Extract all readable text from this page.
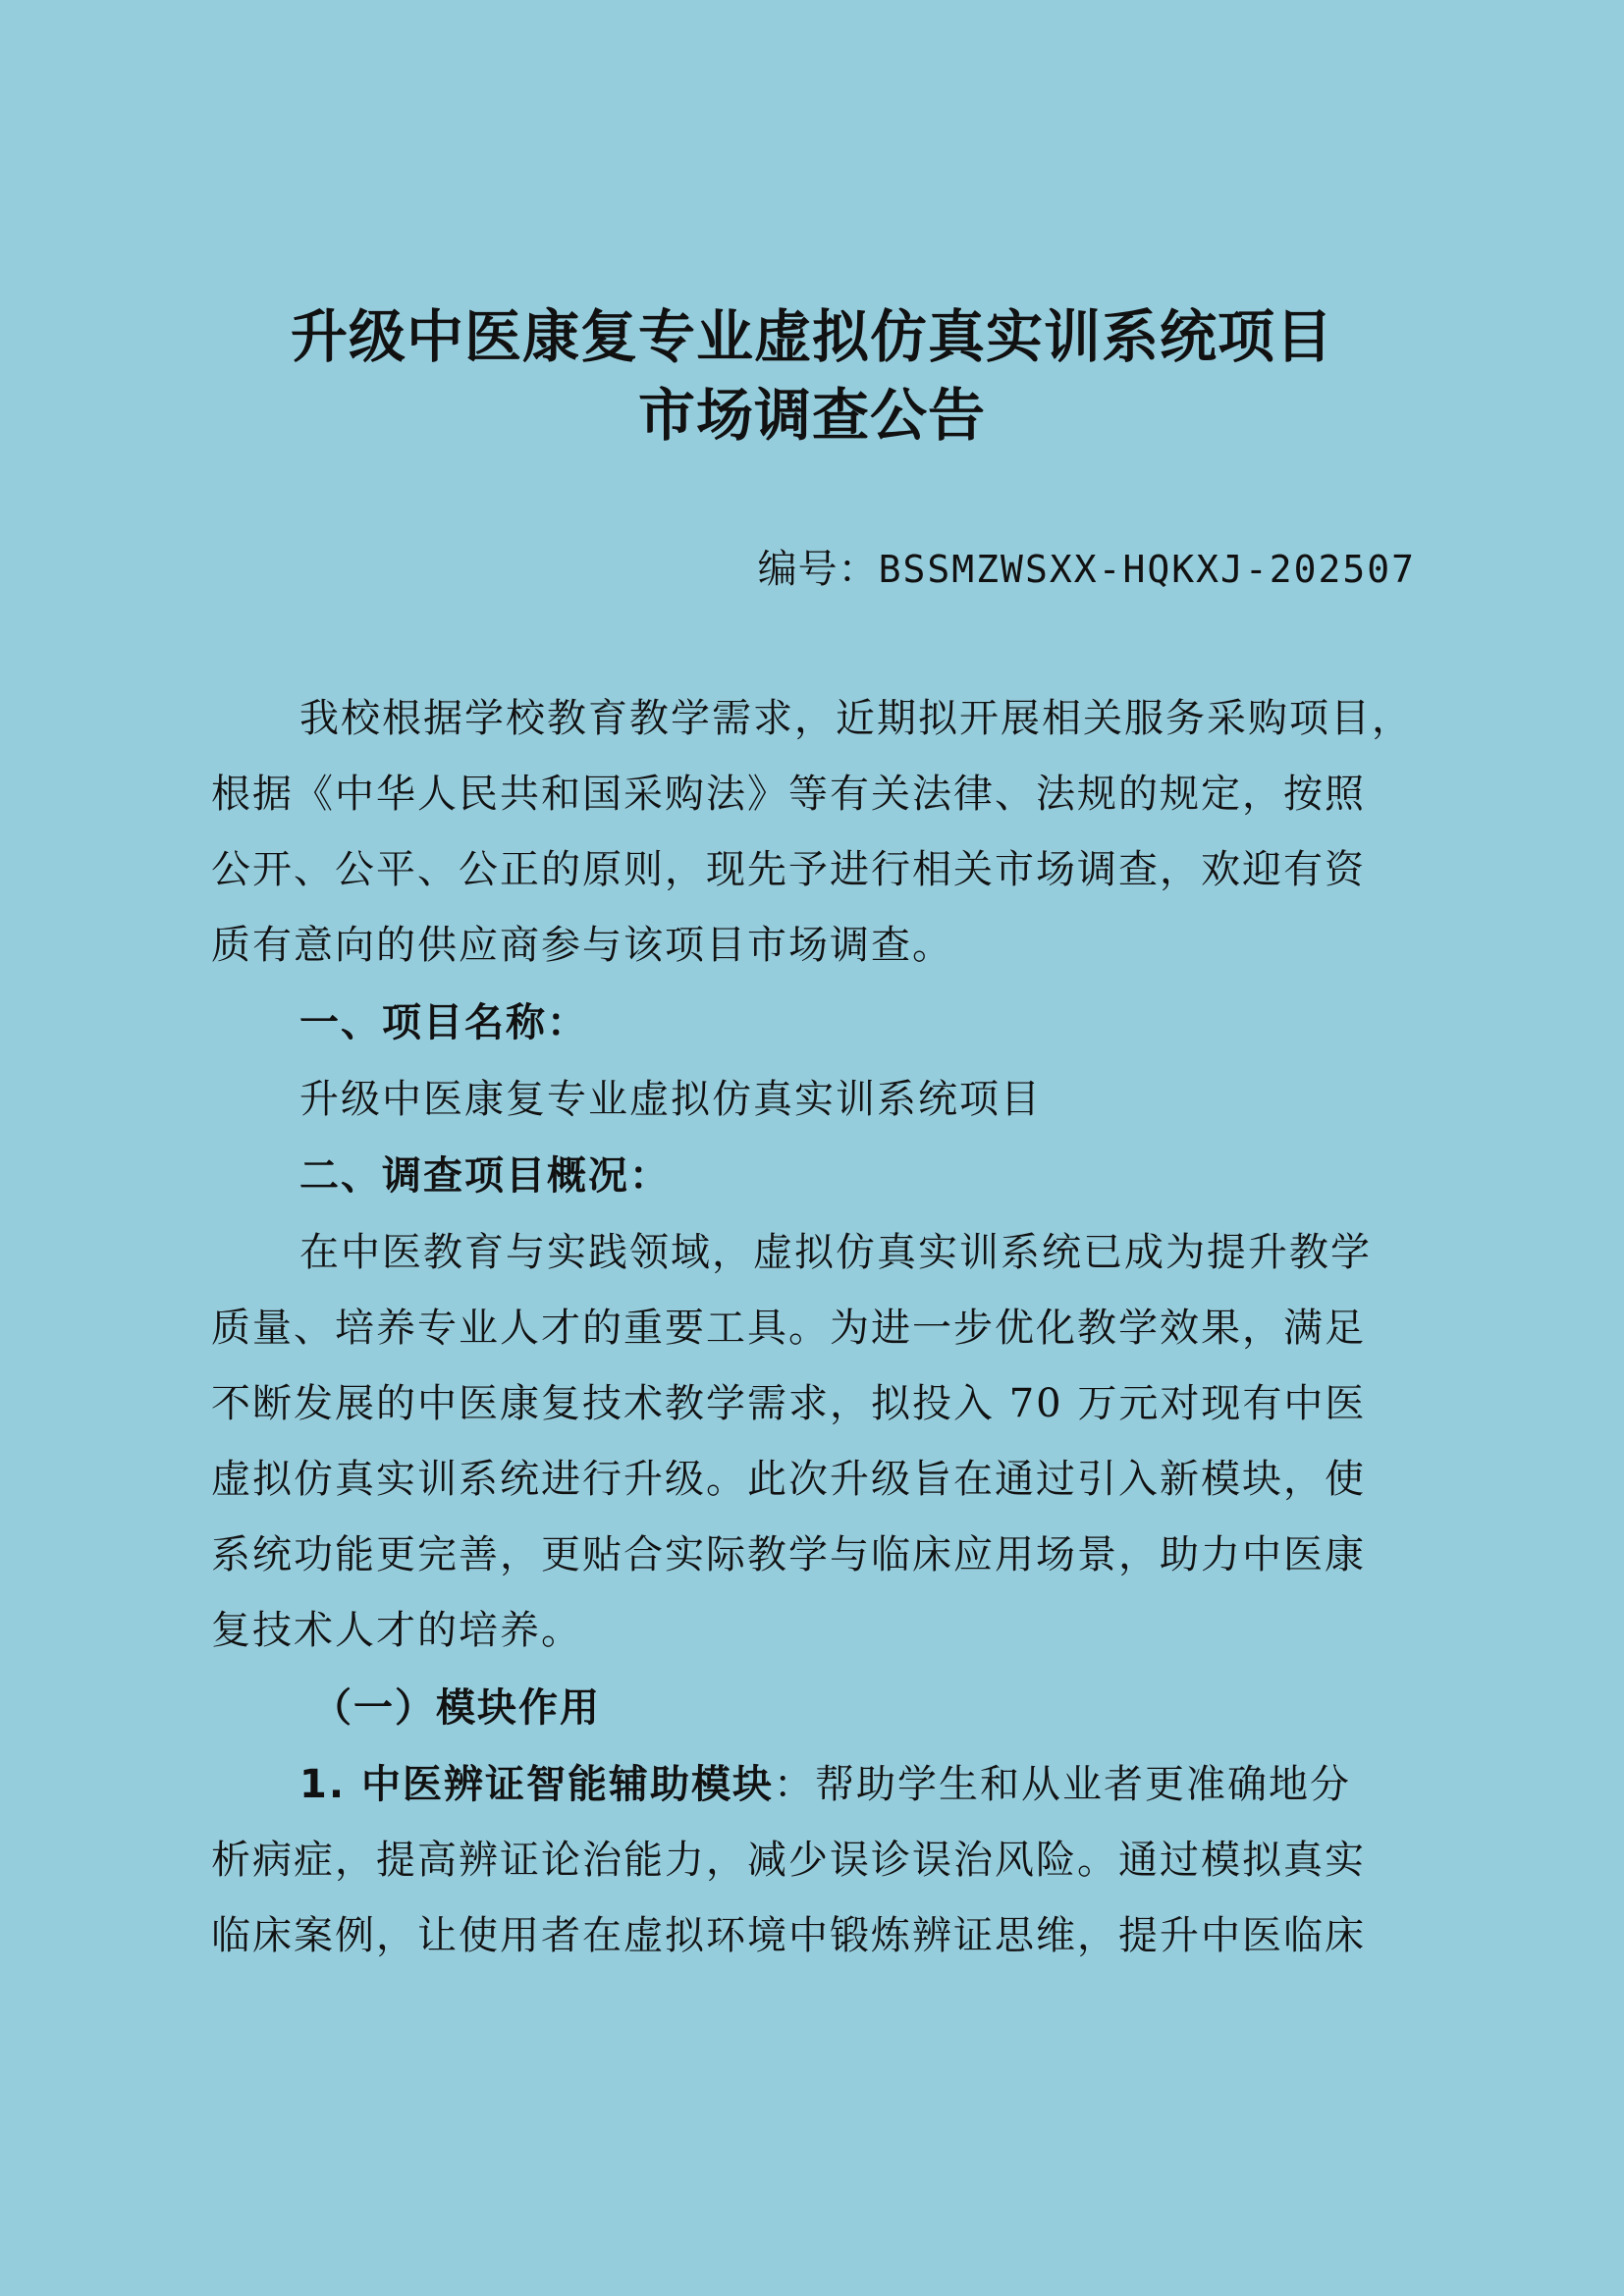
升级中医康复专业虚拟仿真实训系统项目
市场调查公告
编号：BSSMZWSXX-HQKXJ-202507
我校根据学校教育教学需求，近期拟开展相关服务采购项目，
根据《中华人民共和国采购法》等有关法律、法规的规定，按照
公开、公平、公正的原则，现先予进行相关市场调查，欢迎有资
质有意向的供应商参与该项目市场调查。
一、项目名称：
升级中医康复专业虚拟仿真实训系统项目
二、调查项目概况：
在中医教育与实践领域，虚拟仿真实训系统已成为提升教学
质量、培养专业人才的重要工具。为进一步优化教学效果，满足
不断发展的中医康复技术教学需求，拟投入 70 万元对现有中医
虚拟仿真实训系统进行升级。此次升级旨在通过引入新模块，使
系统功能更完善，更贴合实际教学与临床应用场景，助力中医康
复技术人才的培养。
（一）模块作用
1. 中医辨证智能辅助模块：帮助学生和从业者更准确地分
析病症，提高辨证论治能力，减少误诊误治风险。通过模拟真实
临床案例，让使用者在虚拟环境中锻炼辨证思维，提升中医临床
